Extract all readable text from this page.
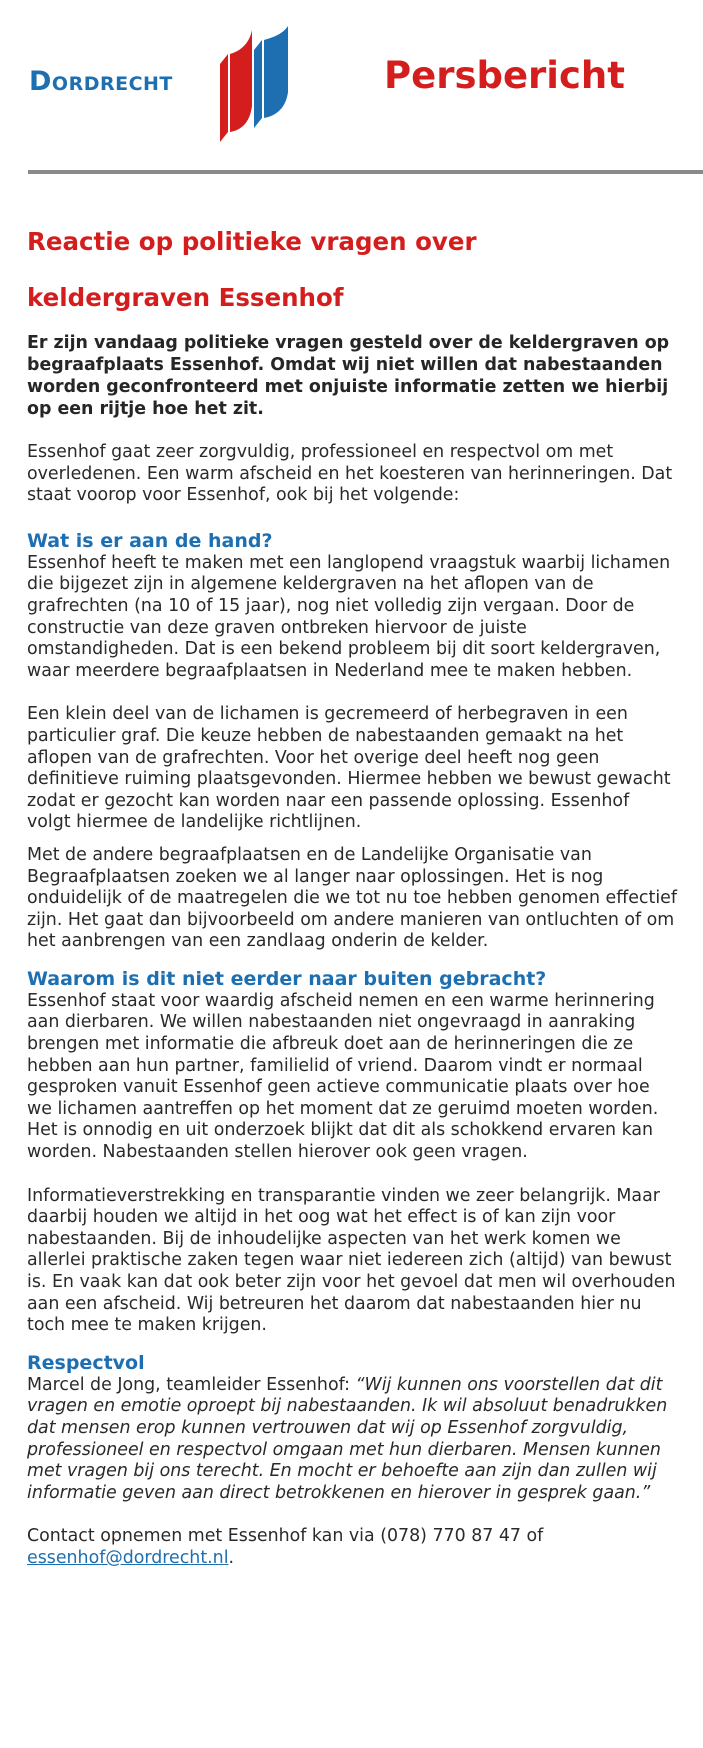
Dordrecht	Persbericht
Reactie op politieke vragen over
keldergraven Essenhof

Er zijn vandaag politieke vragen gesteld over de keldergraven op begraafplaats Essenhof. Omdat wij niet willen dat nabestaanden worden geconfronteerd met onjuiste informatie zetten we hierbij op een rijtje hoe het zit.

Essenhof gaat zeer zorgvuldig, professioneel en respectvol om met overledenen. Een warm afscheid en het koesteren van herinneringen. Dat staat voorop voor Essenhof, ook bij het volgende:

Wat is er aan de hand?

Essenhof heeft te maken met een langlopend vraagstuk waarbij lichamen die bijgezet zijn in algemene keldergraven na het aflopen van de grafrechten (na 10 of 15 jaar), nog niet volledig zijn vergaan. Door de constructie van deze graven ontbreken hiervoor de juiste omstandigheden. Dat is een bekend probleem bij dit soort keldergraven, waar meerdere begraafplaatsen in Nederland mee te maken hebben.

Een klein deel van de lichamen is gecremeerd of herbegraven in een particulier graf. Die keuze hebben de nabestaanden gemaakt na het aflopen van de grafrechten. Voor het overige deel heeft nog geen definitieve ruiming plaatsgevonden. Hiermee hebben we bewust gewacht zodat er gezocht kan worden naar een passende oplossing. Essenhof volgt hiermee de landelijke richtlijnen.

Met de andere begraafplaatsen en de Landelijke Organisatie van Begraafplaatsen zoeken we al langer naar oplossingen. Het is nog onduidelijk of de maatregelen die we tot nu toe hebben genomen effectief zijn. Het gaat dan bijvoorbeeld om andere manieren van ontluchten of om het aanbrengen van een zandlaag onderin de kelder.

Waarom is dit niet eerder naar buiten gebracht?

Essenhof staat voor waardig afscheid nemen en een warme herinnering aan dierbaren. We willen nabestaanden niet ongevraagd in aanraking brengen met informatie die afbreuk doet aan de herinneringen die ze hebben aan hun partner, familielid of vriend. Daarom vindt er normaal gesproken vanuit Essenhof geen actieve communicatie plaats over hoe we lichamen aantreffen op het moment dat ze geruimd moeten worden. Het is onnodig en uit onderzoek blijkt dat dit als schokkend ervaren kan worden. Nabestaanden stellen hierover ook geen vragen.

Informatieverstrekking en transparantie vinden we zeer belangrijk. Maar daarbij houden we altijd in het oog wat het effect is of kan zijn voor nabestaanden. Bij de inhoudelijke aspecten van het werk komen we allerlei praktische zaken tegen waar niet iedereen zich (altijd) van bewust is. En vaak kan dat ook beter zijn voor het gevoel dat men wil overhouden aan een afscheid. Wij betreuren het daarom dat nabestaanden hier nu toch mee te maken krijgen.

Respectvol

Marcel de Jong, teamleider Essenhof: “Wij kunnen ons voorstellen dat dit vragen en emotie oproept bij nabestaanden. Ik wil absoluut benadrukken dat mensen erop kunnen vertrouwen dat wij op Essenhof zorgvuldig, professioneel en respectvol omgaan met hun dierbaren. Mensen kunnen met vragen bij ons terecht. En mocht er behoefte aan zijn dan zullen wij informatie geven aan direct betrokkenen en hierover in gesprek gaan.”

Contact opnemen met Essenhof kan via (078) 770 87 47 of essenhof@dordrecht.nl.
